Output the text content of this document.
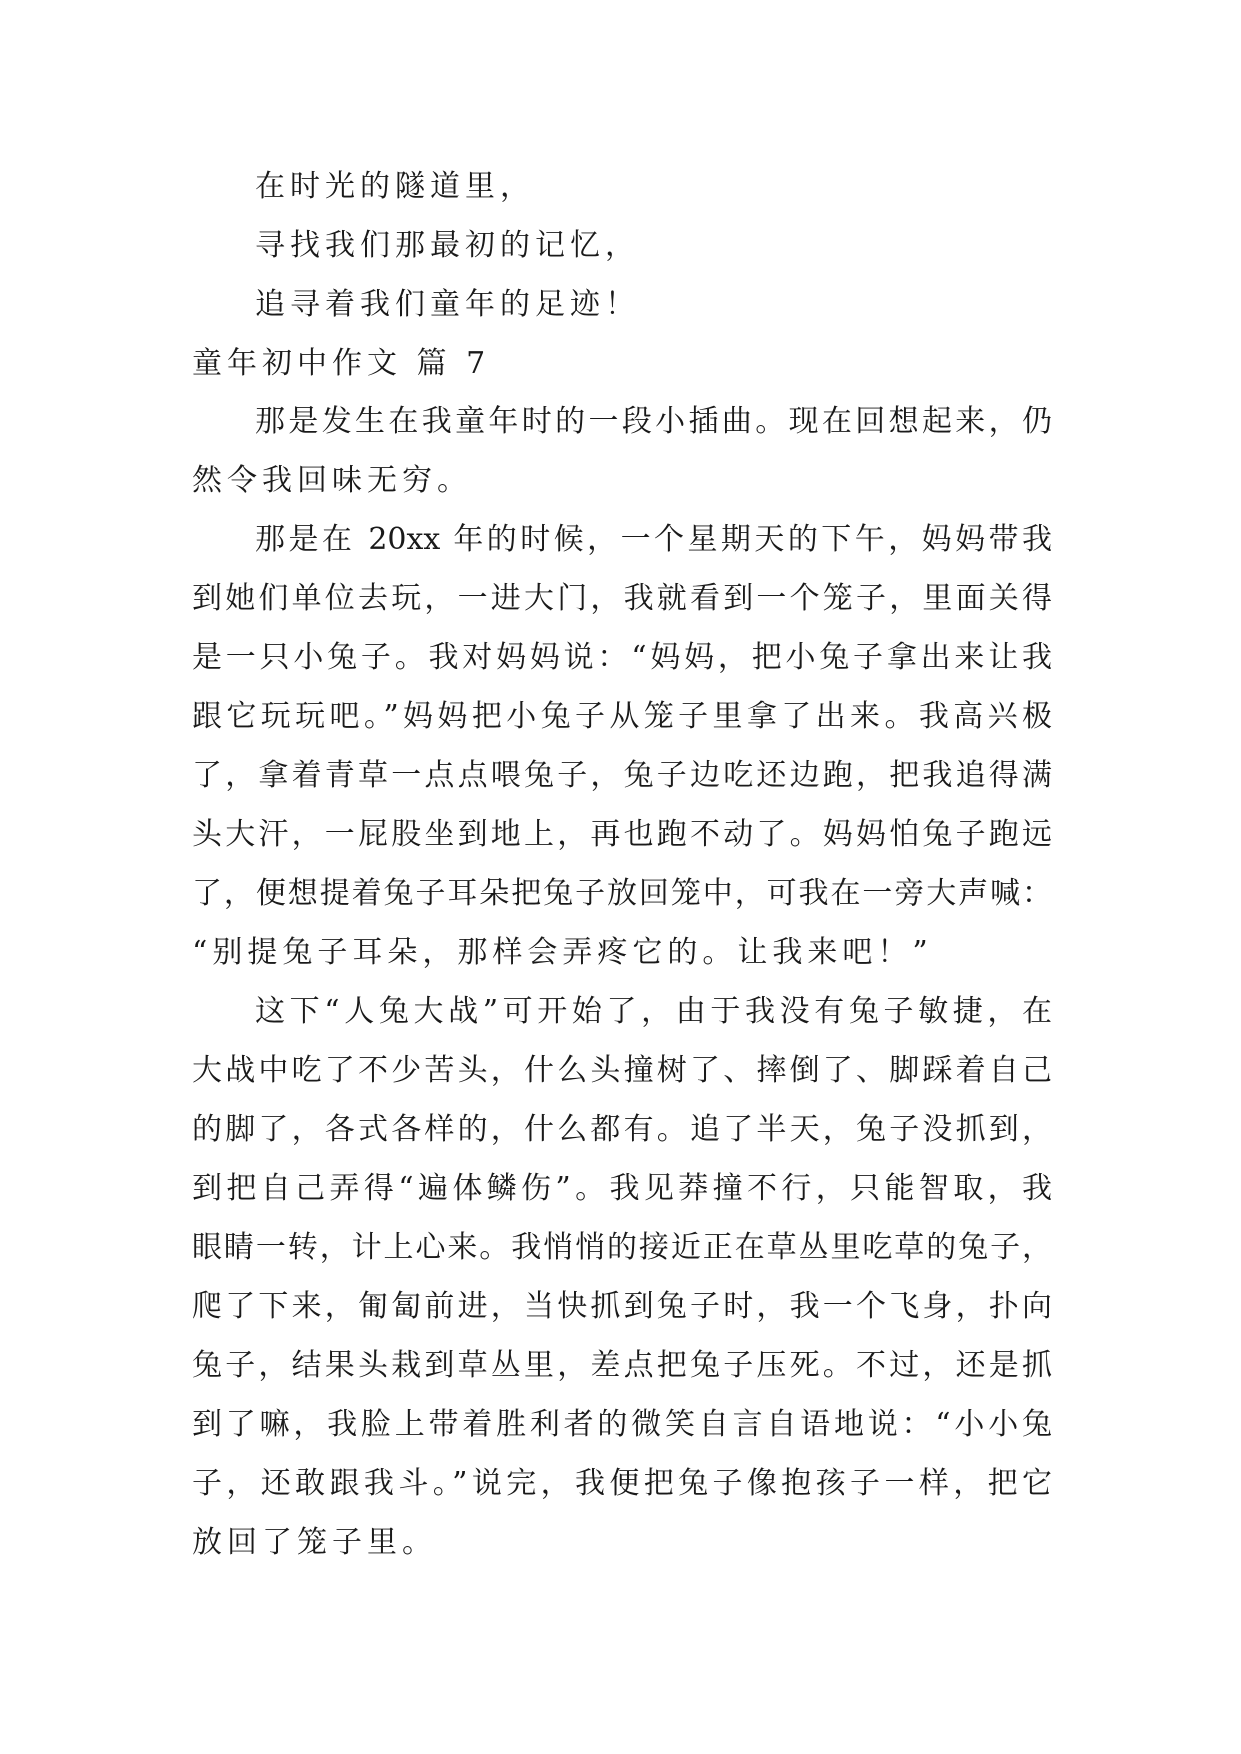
在时光的隧道里，
寻找我们那最初的记忆，
追寻着我们童年的足迹！
童年初中作文 篇 7
那是发生在我童年时的一段小插曲。现在回想起来，仍
然令我回味无穷。
那是在 20xx 年的时候，一个星期天的下午，妈妈带我
到她们单位去玩，一进大门，我就看到一个笼子，里面关得
是一只小兔子。我对妈妈说：“妈妈，把小兔子拿出来让我
跟它玩玩吧。”妈妈把小兔子从笼子里拿了出来。我高兴极
了，拿着青草一点点喂兔子，兔子边吃还边跑，把我追得满
头大汗，一屁股坐到地上，再也跑不动了。妈妈怕兔子跑远
了，便想提着兔子耳朵把兔子放回笼中，可我在一旁大声喊：
“别提兔子耳朵，那样会弄疼它的。让我来吧！”
这下“人兔大战”可开始了，由于我没有兔子敏捷，在
大战中吃了不少苦头，什么头撞树了、摔倒了、脚踩着自己
的脚了，各式各样的，什么都有。追了半天，兔子没抓到，
到把自己弄得“遍体鳞伤”。我见莽撞不行，只能智取，我
眼睛一转，计上心来。我悄悄的接近正在草丛里吃草的兔子，
爬了下来，匍匐前进，当快抓到兔子时，我一个飞身，扑向
兔子，结果头栽到草丛里，差点把兔子压死。不过，还是抓
到了嘛，我脸上带着胜利者的微笑自言自语地说：“小小兔
子，还敢跟我斗。”说完，我便把兔子像抱孩子一样，把它
放回了笼子里。
